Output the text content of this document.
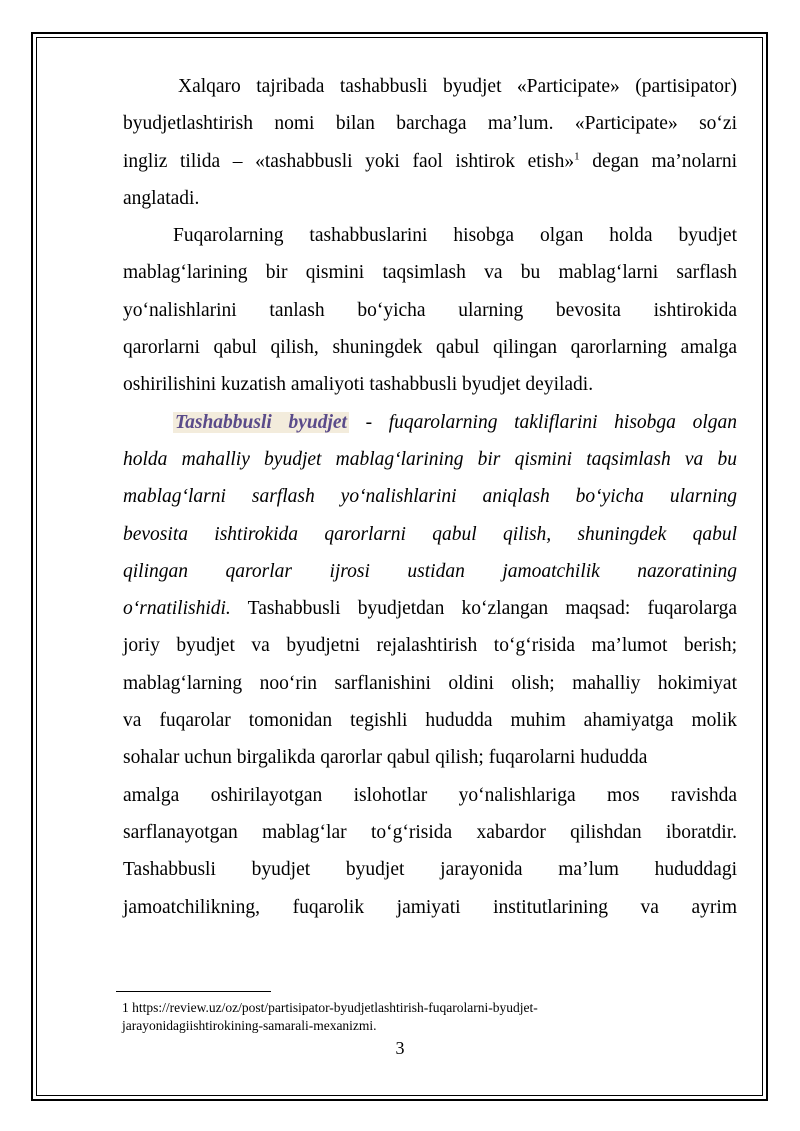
Xalqaro tajribada tashabbusli byudjet «Participate» (partisipator)
byudjetlashtirish nomi bilan barchaga ma’lum. «Participate» so‘zi
ingliz tilida – «tashabbusli yoki faol ishtirok etish»$^1$ degan ma’nolarni
anglatadi.

Fuqarolarning tashabbuslarini hisobga olgan holda byudjet
mablag‘larining bir qismini taqsimlash va bu mablag‘larni sarflash
yo‘nalishlarini tanlash bo‘yicha ularning bevosita ishtirokida
qarorlarni qabul qilish, shuningdek qabul qilingan qarorlarning amalga
oshirilishini kuzatish amaliyoti tashabbusli byudjet deyiladi.

Tashabbusli byudjet - fuqarolarning takliflarini hisobga olgan
holda mahalliy byudjet mablag‘larining bir qismini taqsimlash va bu
mablag‘larni sarflash yo‘nalishlarini aniqlash bo‘yicha ularning
bevosita ishtirokida qarorlarni qabul qilish, shuningdek qabul
qilingan qarorlar ijrosi ustidan jamoatchilik nazoratining
o‘rnatilishidi. Tashabbusli byudjetdan ko‘zlangan maqsad: fuqarolarga
joriy byudjet va byudjetni rejalashtirish to‘g‘risida ma’lumot berish;
mablag‘larning noo‘rin sarflanishini oldini olish; mahalliy hokimiyat
va fuqarolar tomonidan tegishli hududda muhim ahamiyatga molik
sohalar uchun birgalikda qarorlar qabul qilish; fuqarolarni hududda
amalga oshirilayotgan islohotlar yo‘nalishlariga mos ravishda
sarflanayotgan mablag‘lar to‘g‘risida xabardor qilishdan iboratdir.
Tashabbusli byudjet byudjet jarayonida ma’lum hududdagi
jamoatchilikning, fuqarolik jamiyati institutlarining va ayrim

1 https://review.uz/oz/post/partisipator-byudjetlashtirish-fuqarolarni-byudjet-
jarayonidagiishtirokining-samarali-mexanizmi.
3
